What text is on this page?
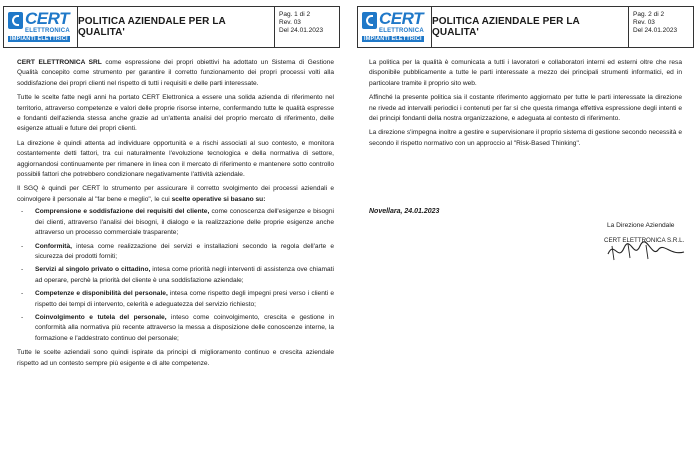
CERT
ELETTRONICA
IMPIANTI ELETTRICI
POLITICA AZIENDALE PER LA QUALITA'
Pag. 1 di 2
Rev. 03
Del 24.01.2023

CERT ELETTRONICA SRL come espressione dei propri obiettivi ha adottato un Sistema di Gestione Qualità concepito come strumento per garantire il corretto funzionamento dei propri processi volti alla soddisfazione dei propri clienti nel rispetto di tutti i requisiti e delle parti interessate.

Tutte le scelte fatte negli anni ha portato CERT Elettronica a essere una solida azienda di riferimento nel territorio, attraverso competenze e valori delle proprie risorse interne, confermando tutte le qualità espresse e fondanti dell'azienda stessa anche grazie ad un'attenta analisi del proprio mercato di riferimento, delle esigenze attuali e future dei propri clienti.

La direzione è quindi attenta ad individuare opportunità e a rischi associati al suo contesto, e monitora costantemente detti fattori, tra cui naturalmente l'evoluzione tecnologica e della normativa di settore, aggiornandosi continuamente per rimanere in linea con il mercato di riferimento e mantenere sotto controllo possibili fattori che potrebbero condizionare negativamente l'attività aziendale.

Il SGQ è quindi per CERT lo strumento per assicurare il corretto svolgimento dei processi aziendali e coinvolgere il personale al "far bene e meglio", le cui scelte operative si basano su:

- Comprensione e soddisfazione dei requisiti del cliente, come conoscenza dell'esigenze e bisogni dei clienti, attraverso l'analisi dei bisogni, il dialogo e la realizzazione delle proprie esigenze anche attraverso un processo commerciale trasparente;
- Conformità, intesa come realizzazione dei servizi e installazioni secondo la regola dell'arte e sicurezza dei prodotti forniti;
- Servizi al singolo privato o cittadino, intesa come priorità negli interventi di assistenza ove chiamati ad operare, perchè la priorità del cliente è una soddisfazione aziendale;
- Competenze e disponibilità del personale, intesa come rispetto degli impegni presi verso i clienti e rispetto dei tempi di intervento, celerità e adeguatezza del servizio richiesto;
- Coinvolgimento e tutela del personale, inteso come coinvolgimento, crescita e gestione in conformità alla normativa più recente attraverso la messa a disposizione delle conoscenze interne, la formazione e l'addestrato continuo del personale;

Tutte le scelte aziendali sono quindi ispirate da principi di miglioramento continuo e crescita aziendale rispetto ad un contesto sempre più esigente e di alte competenze.

CERT
ELETTRONICA
IMPIANTI ELETTRICI
POLITICA AZIENDALE PER LA QUALITA'
Pag. 2 di 2
Rev. 03
Del 24.01.2023

La politica per la qualità è comunicata a tutti i lavoratori e collaboratori interni ed esterni oltre che resa disponibile pubblicamente a tutte le parti interessate a mezzo dei principali strumenti informatici, ed in particolare tramite il proprio sito web.

Affinché la presente politica sia il costante riferimento aggiornato per tutte le parti interessate la direzione ne rivede ad intervalli periodici i contenuti per far sì che questa rimanga effettiva espressione degli intenti e dei principi fondanti della nostra organizzazione, e adeguata al contesto di riferimento.

La direzione s'impegna inoltre a gestire e supervisionare il proprio sistema di gestione secondo necessità e secondo il rispetto normativo con un approccio al "Risk-Based Thinking".

Novellara, 24.01.2023
La Direzione Aziendale
CERT ELETTRONICA S.R.L.
